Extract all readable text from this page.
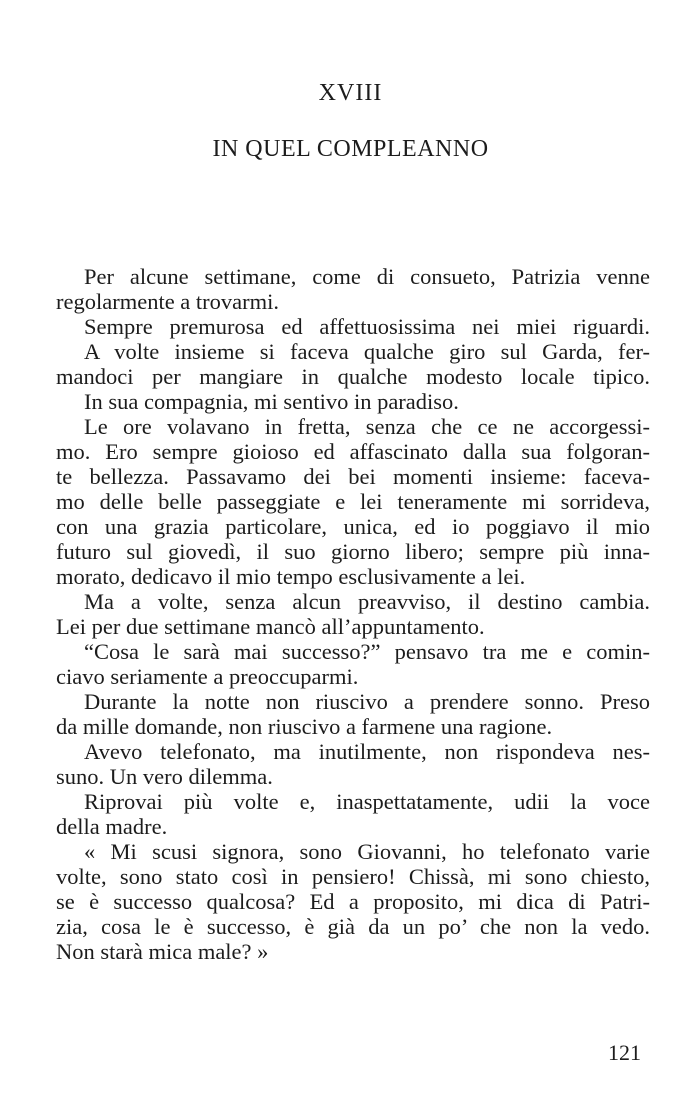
XVIII
IN QUEL COMPLEANNO
Per alcune settimane, come di consueto, Patrizia venne
regolarmente a trovarmi.
Sempre premurosa ed affettuosissima nei miei riguardi.
A volte insieme si faceva qualche giro sul Garda, fer-
mandoci per mangiare in qualche modesto locale tipico.
In sua compagnia, mi sentivo in paradiso.
Le ore volavano in fretta, senza che ce ne accorgessi-
mo. Ero sempre gioioso ed affascinato dalla sua folgoran-
te bellezza. Passavamo dei bei momenti insieme: faceva-
mo delle belle passeggiate e lei teneramente mi sorrideva,
con una grazia particolare, unica, ed io poggiavo il mio
futuro sul giovedì, il suo giorno libero; sempre più inna-
morato, dedicavo il mio tempo esclusivamente a lei.
Ma a volte, senza alcun preavviso, il destino cambia.
Lei per due settimane mancò all’appuntamento.
“Cosa le sarà mai successo?” pensavo tra me e comin-
ciavo seriamente a preoccuparmi.
Durante la notte non riuscivo a prendere sonno. Preso
da mille domande, non riuscivo a farmene una ragione.
Avevo telefonato, ma inutilmente, non rispondeva nes-
suno. Un vero dilemma.
Riprovai più volte e, inaspettatamente, udii la voce
della madre.
« Mi scusi signora, sono Giovanni, ho telefonato varie
volte, sono stato così in pensiero! Chissà, mi sono chiesto,
se è successo qualcosa? Ed a proposito, mi dica di Patri-
zia, cosa le è successo, è già da un po’ che non la vedo.
Non starà mica male? »
121
